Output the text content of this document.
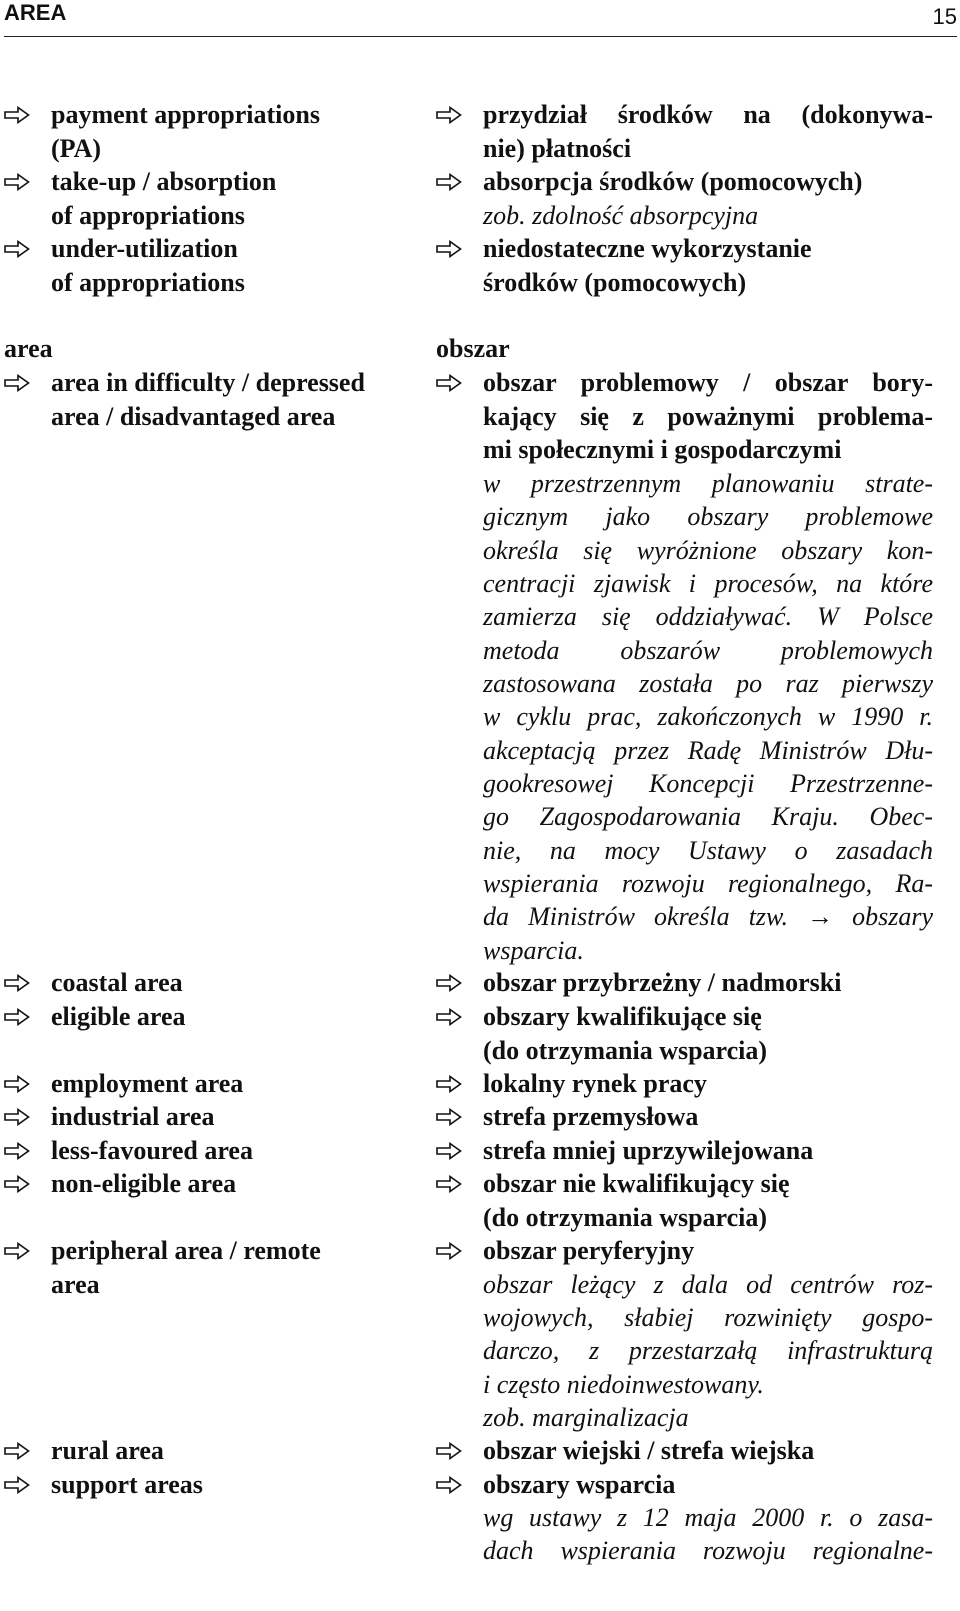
AREA	15
payment appropriations
(PA)
take-up / absorption
of appropriations
under-utilization
of appropriations
area
area in difficulty / depressed
area / disadvantaged area
coastal area
eligible area
employment area
industrial area
less-favoured area
non-eligible area
peripheral area / remote
area
rural area
support areas
przydział środków na (dokonywa-
nie) płatności
absorpcja środków (pomocowych)
zob. zdolność absorpcyjna
niedostateczne wykorzystanie
środków (pomocowych)
obszar
obszar problemowy / obszar bory-
kający się z poważnymi problema-
mi społecznymi i gospodarczymi
w przestrzennym planowaniu strate-
gicznym jako obszary problemowe
określa się wyróżnione obszary kon-
centracji zjawisk i procesów, na które
zamierza się oddziaływać. W Polsce
metoda obszarów problemowych
zastosowana została po raz pierwszy
w cyklu prac, zakończonych w 1990 r.
akceptacją przez Radę Ministrów Dłu-
gookresowej Koncepcji Przestrzenne-
go Zagospodarowania Kraju. Obec-
nie, na mocy Ustawy o zasadach
wspierania rozwoju regionalnego, Ra-
da Ministrów określa tzw. → obszary
wsparcia.
obszar przybrzeżny / nadmorski
obszary kwalifikujące się
(do otrzymania wsparcia)
lokalny rynek pracy
strefa przemysłowa
strefa mniej uprzywilejowana
obszar nie kwalifikujący się
(do otrzymania wsparcia)
obszar peryferyjny
obszar leżący z dala od centrów roz-
wojowych, słabiej rozwinięty gospo-
darczo, z przestarzałą infrastrukturą
i często niedoinwestowany.
zob. marginalizacja
obszar wiejski / strefa wiejska
obszary wsparcia
wg ustawy z 12 maja 2000 r. o zasa-
dach wspierania rozwoju regionalne-
